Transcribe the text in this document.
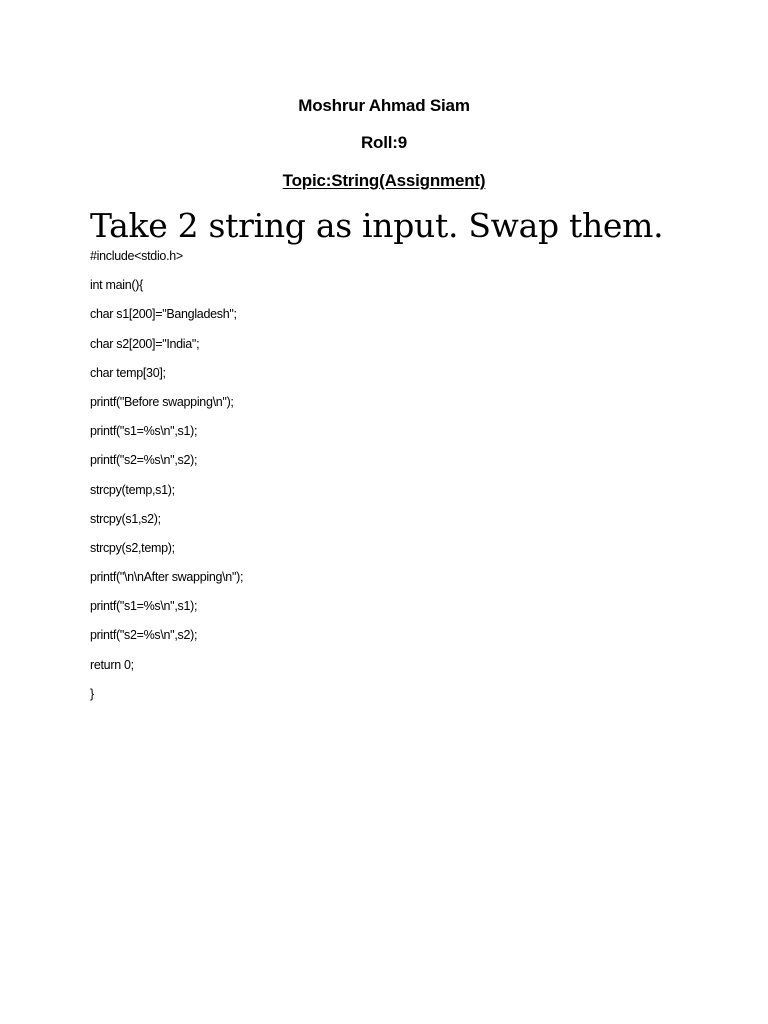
Moshrur Ahmad Siam
Roll:9
Topic:String(Assignment)
Take 2 string as input. Swap them.
#include<stdio.h>
int main(){
char s1[200]="Bangladesh";
char s2[200]="India";
char temp[30];
printf("Before swapping\n");
printf("s1=%s\n",s1);
printf("s2=%s\n",s2);
strcpy(temp,s1);
strcpy(s1,s2);
strcpy(s2,temp);
printf("\n\nAfter swapping\n");
printf("s1=%s\n",s1);
printf("s2=%s\n",s2);
return 0;
}
